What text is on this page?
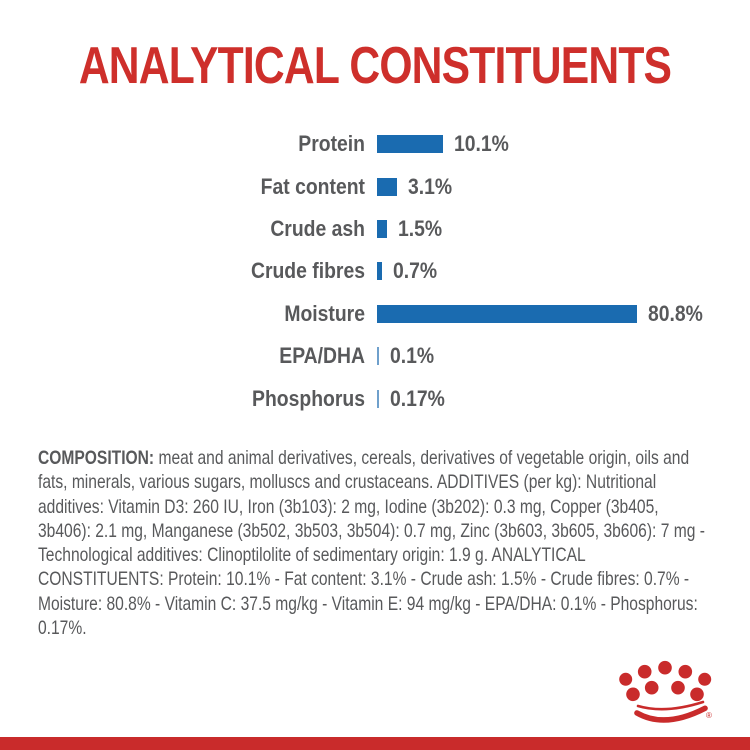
ANALYTICAL CONSTITUENTS
Protein	10.1%
Fat content 3.1%
Crude ash 1.5%
Crude fibres 0.7%
Moisture	80.8%
EPA/DHA 0.1%
Phosphorus 0.17%

COMPOSITION: meat and animal derivatives, cereals, derivatives of vegetable origin, oils and fats, minerals, various sugars, molluscs and crustaceans. ADDITIVES (per kg): Nutritional additives: Vitamin D3: 260 IU, Iron (3b103): 2 mg, Iodine (3b202): 0.3 mg, Copper (3b405, 3b406): 2.1 mg, Manganese (3b502, 3b503, 3b504): 0.7 mg, Zinc (3b603, 3b605, 3b606): 7 mg - Technological additives: Clinoptilolite of sedimentary origin: 1.9 g. ANALYTICAL CONSTITUENTS: Protein: 10.1% - Fat content: 3.1% - Crude ash: 1.5% - Crude fibres: 0.7% - Moisture: 80.8% - Vitamin C: 37.5 mg/kg - Vitamin E: 94 mg/kg - EPA/DHA: 0.1% - Phosphorus: 0.17%.

®
